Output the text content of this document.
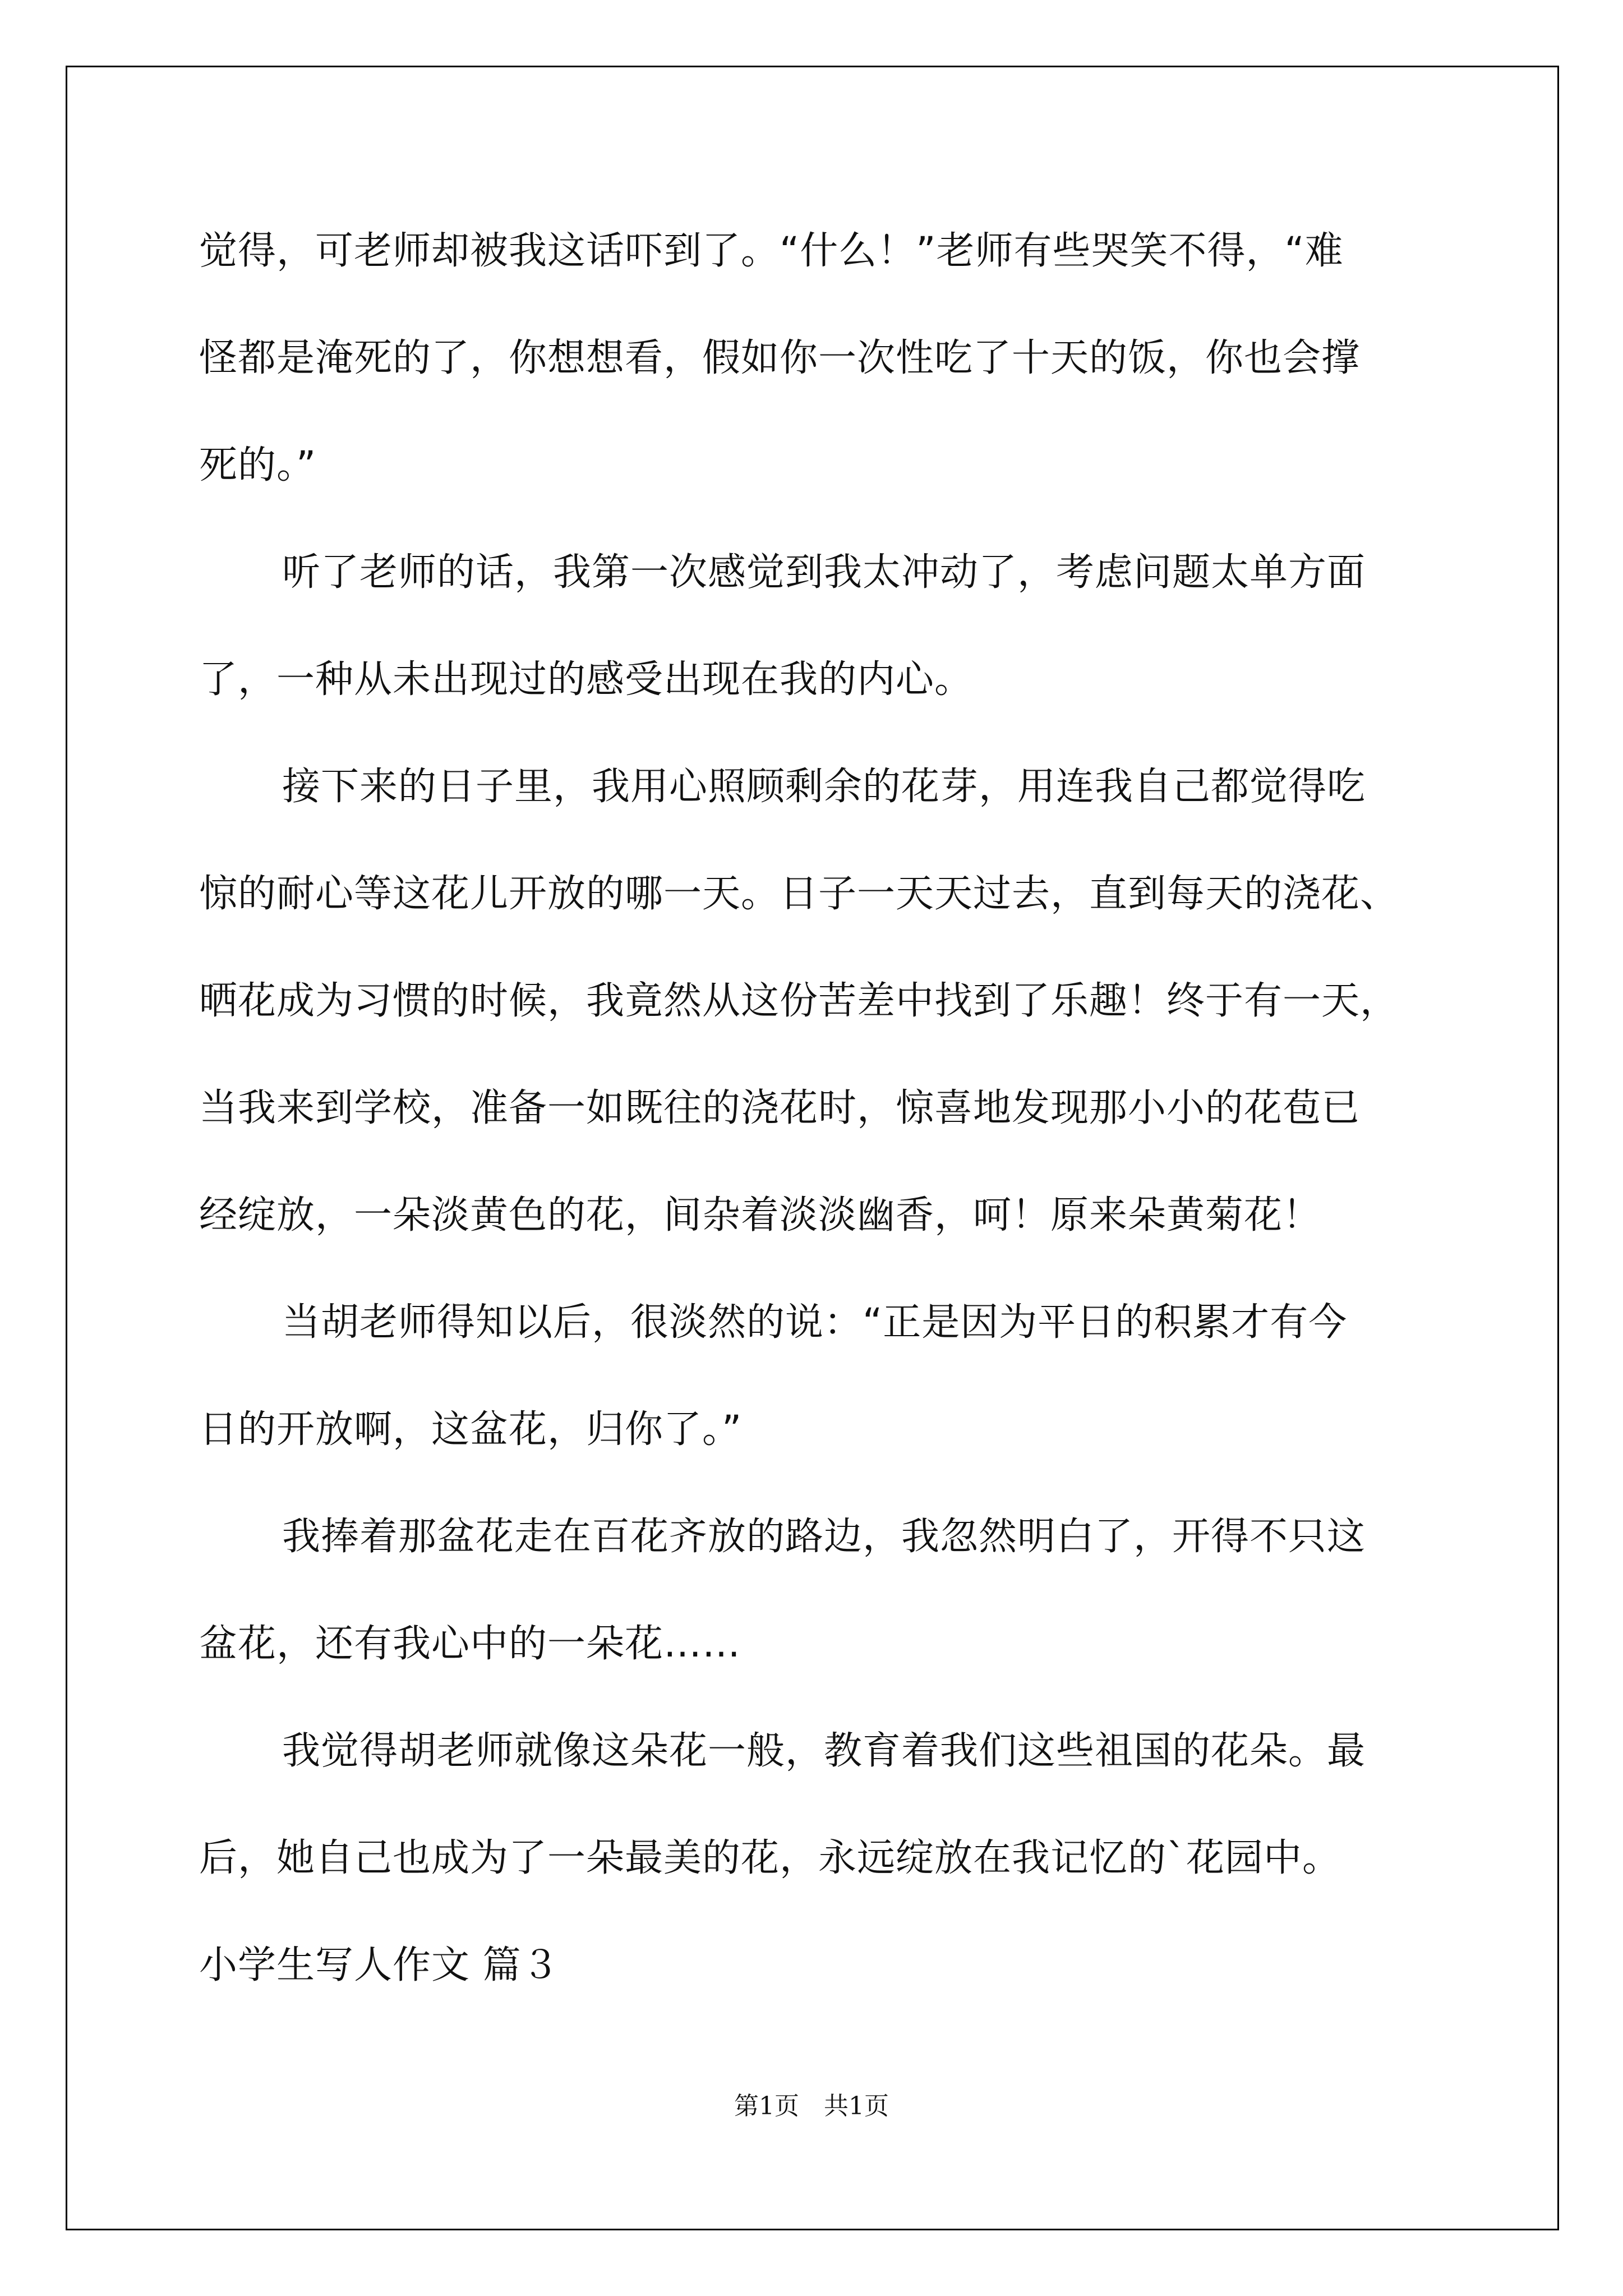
觉得，可老师却被我这话吓到了。“什么！”老师有些哭笑不得，“难
怪都是淹死的了，你想想看，假如你一次性吃了十天的饭，你也会撑
死的。”
听了老师的话，我第一次感觉到我太冲动了，考虑问题太单方面
了，一种从未出现过的感受出现在我的内心。
接下来的日子里，我用心照顾剩余的花芽，用连我自己都觉得吃
惊的耐心等这花儿开放的哪一天。日子一天天过去，直到每天的浇花、
晒花成为习惯的时候，我竟然从这份苦差中找到了乐趣！终于有一天，
当我来到学校，准备一如既往的浇花时，惊喜地发现那小小的花苞已
经绽放，一朵淡黄色的花，间杂着淡淡幽香，呵！原来朵黄菊花！
当胡老师得知以后，很淡然的说：“正是因为平日的积累才有今
日的开放啊，这盆花，归你了。”
我捧着那盆花走在百花齐放的路边，我忽然明白了，开得不只这
盆花，还有我心中的一朵花……
我觉得胡老师就像这朵花一般，教育着我们这些祖国的花朵。最
后，她自己也成为了一朵最美的花，永远绽放在我记忆的`花园中。
小学生写人作文 篇３
第1页　共1页
